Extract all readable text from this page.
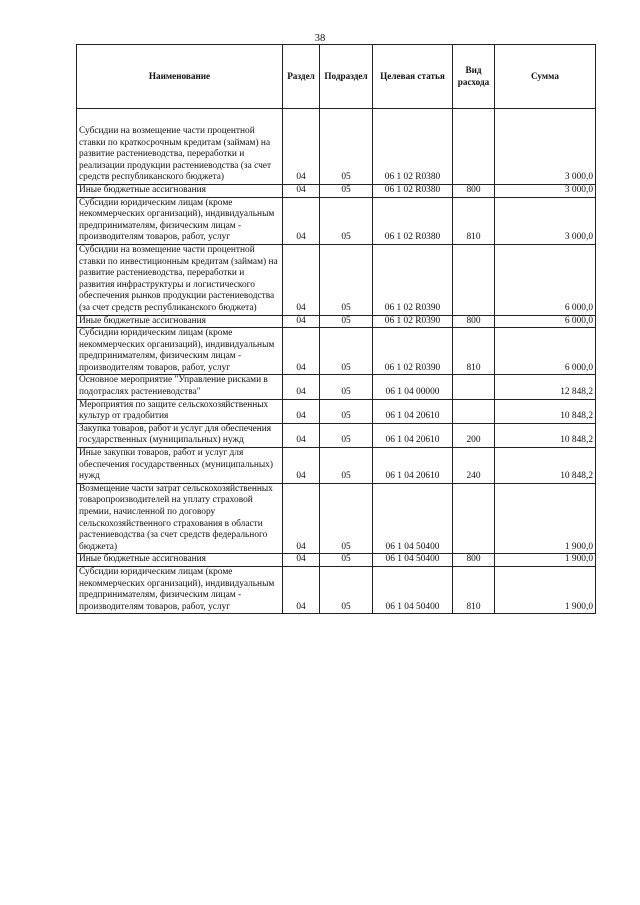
38
Наименование	Раздел	Подраздел	Целевая статья	Вид расхода	Сумма

Субсидии на возмещение части процентной ставки по краткосрочным кредитам (займам) на развитие растениеводства, переработки и реализации продукции растениеводства (за счет средств республиканского бюджета)	04	05	06 1 02 R0380		3 000,0
Иные бюджетные ассигнования	04	05	06 1 02 R0380	800	3 000,0
Субсидии юридическим лицам (кроме некоммерческих организаций), индивидуальным предпринимателям, физическим лицам - производителям товаров, работ, услуг	04	05	06 1 02 R0380	810	3 000,0
Субсидии на возмещение части процентной ставки по инвестиционным кредитам (займам) на развитие растениеводства, переработки и развития инфраструктуры и логистического обеспечения рынков продукции растениеводства (за счет средств республиканского бюджета)	04	05	06 1 02 R0390		6 000,0
Иные бюджетные ассигнования	04	05	06 1 02 R0390	800	6 000,0
Субсидии юридическим лицам (кроме некоммерческих организаций), индивидуальным предпринимателям, физическим лицам - производителям товаров, работ, услуг	04	05	06 1 02 R0390	810	6 000,0
Основное мероприятие "Управление рисками в подотраслях растениеводства"	04	05	06 1 04 00000		12 848,2
Мероприятия по защите сельскохозяйственных культур от градобития	04	05	06 1 04 20610		10 848,2
Закупка товаров, работ и услуг для обеспечения государственных (муниципальных) нужд	04	05	06 1 04 20610	200	10 848,2
Иные закупки товаров, работ и услуг для обеспечения государственных (муниципальных) нужд	04	05	06 1 04 20610	240	10 848,2
Возмещение части затрат сельскохозяйственных товаропроизводителей на уплату страховой премии, начисленной по договору сельскохозяйственного страхования в области растениеводства (за счет средств федерального бюджета)	04	05	06 1 04 50400		1 900,0
Иные бюджетные ассигнования	04	05	06 1 04 50400	800	1 900,0
Субсидии юридическим лицам (кроме некоммерческих организаций), индивидуальным предпринимателям, физическим лицам - производителям товаров, работ, услуг	04	05	06 1 04 50400	810	1 900,0
